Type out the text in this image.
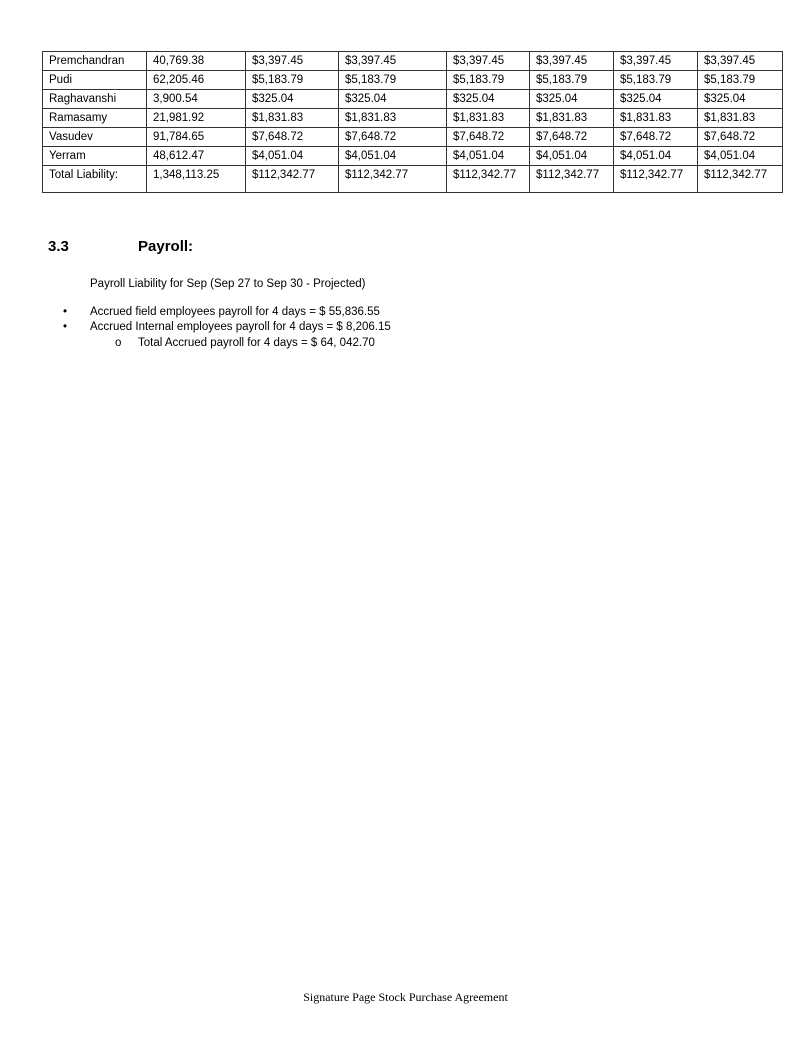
Premchandran	40,769.38	$3,397.45	$3,397.45	$3,397.45	$3,397.45	$3,397.45	$3,397.45
Pudi	62,205.46	$5,183.79	$5,183.79	$5,183.79	$5,183.79	$5,183.79	$5,183.79
Raghavanshi	3,900.54	$325.04	$325.04	$325.04	$325.04	$325.04	$325.04
Ramasamy	21,981.92	$1,831.83	$1,831.83	$1,831.83	$1,831.83	$1,831.83	$1,831.83
Vasudev	91,784.65	$7,648.72	$7,648.72	$7,648.72	$7,648.72	$7,648.72	$7,648.72
Yerram	48,612.47	$4,051.04	$4,051.04	$4,051.04	$4,051.04	$4,051.04	$4,051.04
Total Liability:	1,348,113.25	$112,342.77	$112,342.77	$112,342.77	$112,342.77	$112,342.77	$112,342.77
3.3	Payroll:
Payroll Liability for Sep (Sep 27 to Sep 30 - Projected)
• Accrued field employees payroll for 4 days = $ 55,836.55
• Accrued Internal employees payroll for 4 days = $ 8,206.15
o Total Accrued payroll for 4 days = $ 64, 042.70
Signature Page Stock Purchase Agreement
